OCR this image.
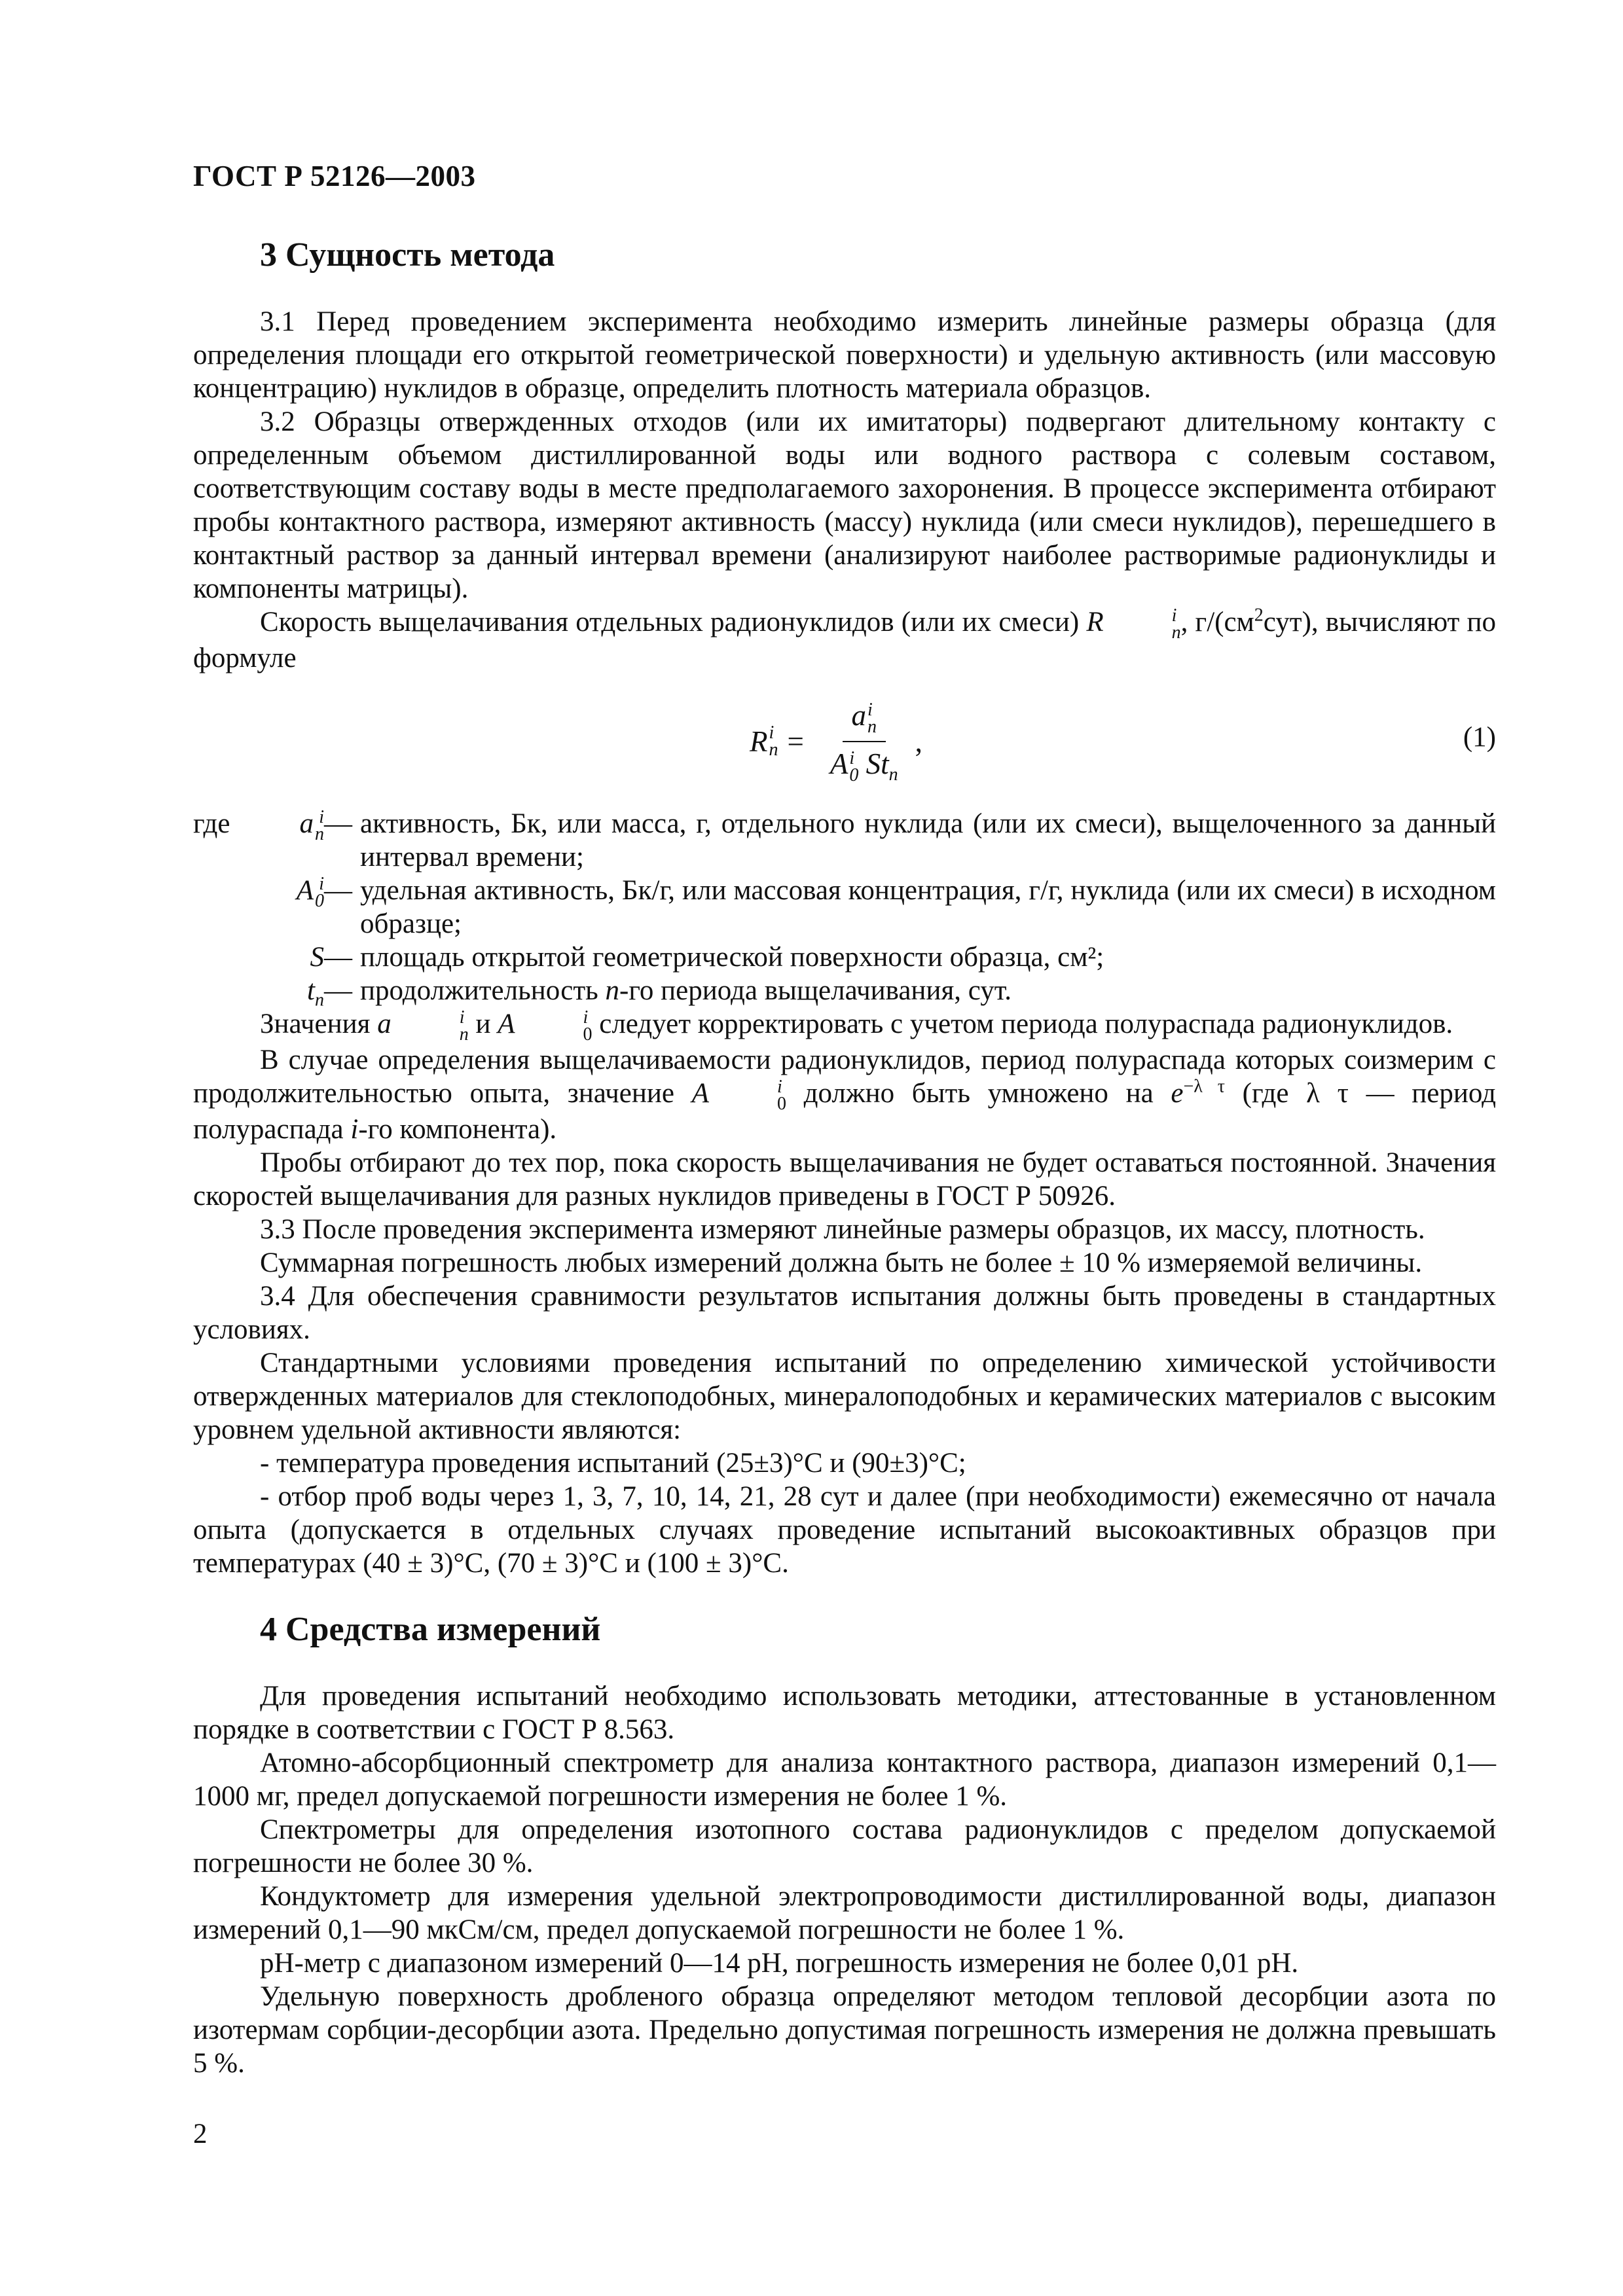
ГОСТ Р 52126—2003
3 Сущность метода

3.1 Перед проведением эксперимента необходимо измерить линейные размеры образца (для определения площади его открытой геометрической поверхности) и удельную активность (или массовую концентрацию) нуклидов в образце, определить плотность материала образцов.

3.2 Образцы отвержденных отходов (или их имитаторы) подвергают длительному контакту с определенным объемом дистиллированной воды или водного раствора с солевым составом, соответствующим составу воды в месте предполагаемого захоронения. В процессе эксперимента отбирают пробы контактного раствора, измеряют активность (массу) нуклида (или смеси нуклидов), перешедшего в контактный раствор за данный интервал времени (анализируют наиболее растворимые радионуклиды и компоненты матрицы).

Скорость выщелачивания отдельных радионуклидов (или их смеси) R	i
n , $г/(см^2сут)$, вычисляют по формуле

R i
n = a i
n
A i
0 $St_n$ ,	(1)
где	a i
n	—	активность, Бк, или масса, г, отдельного нуклида (или их смеси), выщелоченного за данный интервал времени;
	A i
0	—	удельная активность, Бк/г, или массовая концентрация, г/г, нуклида (или их смеси) в исходном образце;
	S	—	площадь открытой геометрической поверхности образца, см²;
	$t_n$	—	продолжительность n-го периода выщелачивания, сут.

Значения a	i
n и A	i
0 следует корректировать с учетом периода полураспада радионуклидов.

В случае определения выщелачиваемости радионуклидов, период полураспада которых соизмерим с продолжительностью опыта, значение A	i
0 должно быть умножено на $e^{-\lambda \tau}$ (где λ τ — период полураспада i-го компонента).

Пробы отбирают до тех пор, пока скорость выщелачивания не будет оставаться постоянной. Значения скоростей выщелачивания для разных нуклидов приведены в ГОСТ Р 50926.

3.3 После проведения эксперимента измеряют линейные размеры образцов, их массу, плотность.

Суммарная погрешность любых измерений должна быть не более ± 10 % измеряемой величины.

3.4 Для обеспечения сравнимости результатов испытания должны быть проведены в стандартных условиях.

Стандартными условиями проведения испытаний по определению химической устойчивости отвержденных материалов для стеклоподобных, минералоподобных и керамических материалов с высоким уровнем удельной активности являются:

- температура проведения испытаний (25±3)°С и (90±3)°С;

- отбор проб воды через 1, 3, 7, 10, 14, 21, 28 сут и далее (при необходимости) ежемесячно от начала опыта (допускается в отдельных случаях проведение испытаний высокоактивных образцов при температурах (40 ± 3)°С, (70 ± 3)°С и (100 ± 3)°С.

4 Средства измерений

Для проведения испытаний необходимо использовать методики, аттестованные в установленном порядке в соответствии с ГОСТ Р 8.563.

Атомно-абсорбционный спектрометр для анализа контактного раствора, диапазон измерений 0,1—1000 мг, предел допускаемой погрешности измерения не более 1 %.

Спектрометры для определения изотопного состава радионуклидов с пределом допускаемой погрешности не более 30 %.

Кондуктометр для измерения удельной электропроводимости дистиллированной воды, диапазон измерений 0,1—90 мкСм/см, предел допускаемой погрешности не более 1 %.

рН-метр с диапазоном измерений 0—14 рН, погрешность измерения не более 0,01 рН.

Удельную поверхность дробленого образца определяют методом тепловой десорбции азота по изотермам сорбции-десорбции азота. Предельно допустимая погрешность измерения не должна превышать 5 %.

2
